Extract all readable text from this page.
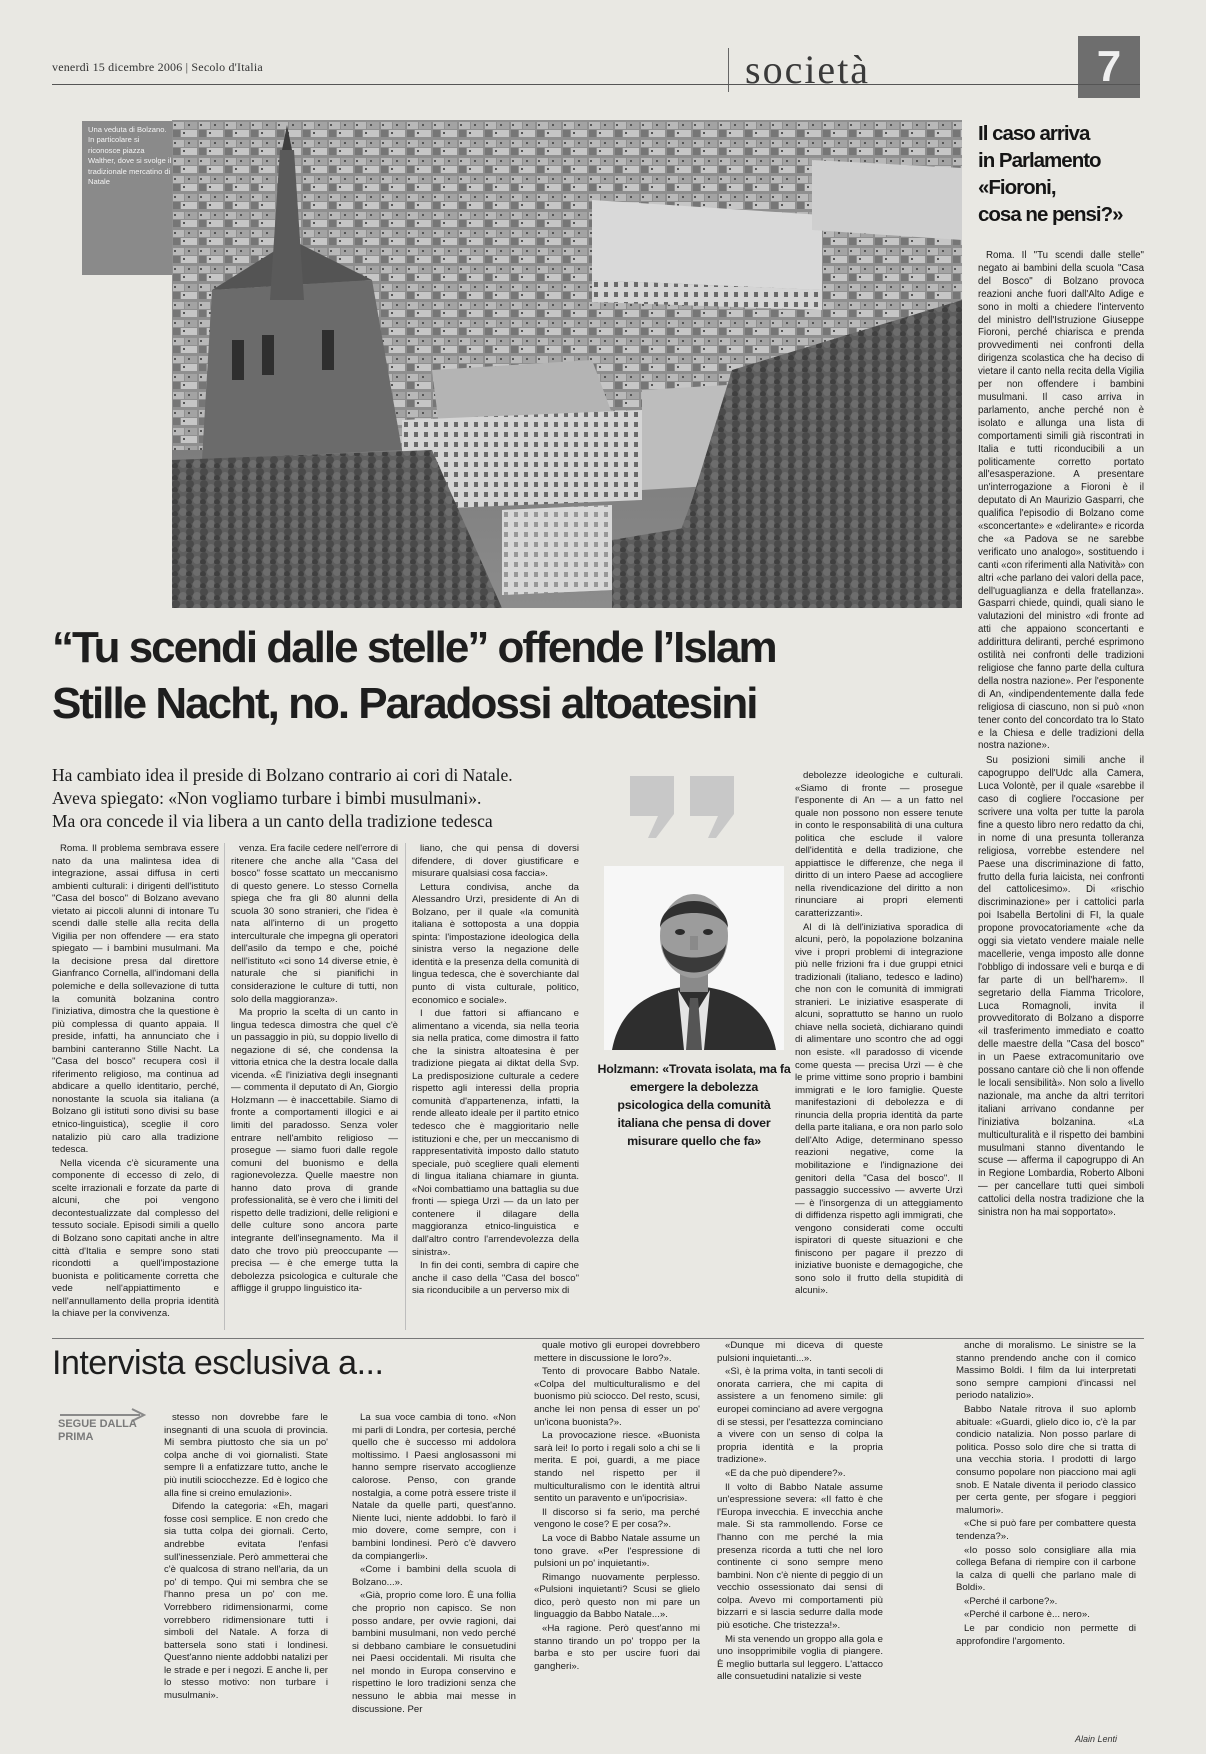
venerdì 15 dicembre 2006 | Secolo d'Italia	società	7
Una veduta di Bolzano. In particolare si riconosce piazza Walther, dove si svolge il tradizionale mercatino di Natale
Il caso arriva
in Parlamento
«Fioroni,
cosa ne pensi?»

Roma. Il "Tu scendi dalle stelle" negato ai bambini della scuola "Casa del Bosco" di Bolzano provoca reazioni anche fuori dall'Alto Adige e sono in molti a chiedere l'intervento del ministro dell'Istruzione Giuseppe Fioroni, perché chiarisca e prenda provvedimenti nei confronti della dirigenza scolastica che ha deciso di vietare il canto nella recita della Vigilia per non offendere i bambini musulmani. Il caso arriva in parlamento, anche perché non è isolato e allunga una lista di comportamenti simili già riscontrati in Italia e tutti riconducibili a un politicamente corretto portato all'esasperazione. A presentare un'interrogazione a Fioroni è il deputato di An Maurizio Gasparri, che qualifica l'episodio di Bolzano come «sconcertante» e «delirante» e ricorda che «a Padova se ne sarebbe verificato uno analogo», sostituendo i canti «con riferimenti alla Natività» con altri «che parlano dei valori della pace, dell'uguaglianza e della fratellanza». Gasparri chiede, quindi, quali siano le valutazioni del ministro «di fronte ad atti che appaiono sconcertanti e addirittura deliranti, perché esprimono ostilità nei confronti delle tradizioni religiose che fanno parte della cultura della nostra nazione». Per l'esponente di An, «indipendentemente dalla fede religiosa di ciascuno, non si può «non tener conto del concordato tra lo Stato e la Chiesa e delle tradizioni della nostra nazione».

Su posizioni simili anche il capogruppo dell'Udc alla Camera, Luca Volontè, per il quale «sarebbe il caso di cogliere l'occasione per scrivere una volta per tutte la parola fine a questo libro nero redatto da chi, in nome di una presunta tolleranza religiosa, vorrebbe estendere nel Paese una discriminazione di fatto, frutto della furia laicista, nei confronti del cattolicesimo». Di «rischio discriminazione» per i cattolici parla poi Isabella Bertolini di FI, la quale propone provocatoriamente «che da oggi sia vietato vendere maiale nelle macellerie, venga imposto alle donne l'obbligo di indossare veli e burqa e di far parte di un bell'harem». Il segretario della Fiamma Tricolore, Luca Romagnoli, invita il provveditorato di Bolzano a disporre «il trasferimento immediato e coatto delle maestre della "Casa del bosco" in un Paese extracomunitario ove possano cantare ciò che li non offende le locali sensibilità». Non solo a livello nazionale, ma anche da altri territori italiani arrivano condanne per l'iniziativa bolzanina. «La multiculturalità e il rispetto dei bambini musulmani stanno diventando le scuse — afferma il capogruppo di An in Regione Lombardia, Roberto Alboni — per cancellare tutti quei simboli cattolici della nostra tradizione che la sinistra non ha mai sopportato».

“Tu scendi dalle stelle” offende l’Islam
Stille Nacht, no. Paradossi altoatesini
Ha cambiato idea il preside di Bolzano contrario ai cori di Natale.
Aveva spiegato: «Non vogliamo turbare i bimbi musulmani».
Ma ora concede il via libera a un canto della tradizione tedesca

Roma. Il problema sembrava essere nato da una malintesa idea di integrazione, assai diffusa in certi ambienti culturali: i dirigenti dell'istituto "Casa del bosco" di Bolzano avevano vietato ai piccoli alunni di intonare Tu scendi dalle stelle alla recita della Vigilia per non offendere — era stato spiegato — i bambini musulmani. Ma la decisione presa dal direttore Gianfranco Cornella, all'indomani della polemiche e della sollevazione di tutta la comunità bolzanina contro l'iniziativa, dimostra che la questione è più complessa di quanto appaia. Il preside, infatti, ha annunciato che i bambini canteranno Stille Nacht. La "Casa del bosco" recupera così il riferimento religioso, ma continua ad abdicare a quello identitario, perché, nonostante la scuola sia italiana (a Bolzano gli istituti sono divisi su base etnico-linguistica), sceglie il coro natalizio più caro alla tradizione tedesca.

Nella vicenda c'è sicuramente una componente di eccesso di zelo, di scelte irrazionali e forzate da parte di alcuni, che poi vengono decontestualizzate dal complesso del tessuto sociale. Episodi simili a quello di Bolzano sono capitati anche in altre città d'Italia e sempre sono stati ricondotti a quell'impostazione buonista e politicamente corretta che vede nell'appiattimento e nell'annullamento della propria identità la chiave per la convivenza.

venza. Era facile cedere nell'errore di ritenere che anche alla "Casa del bosco" fosse scattato un meccanismo di questo genere. Lo stesso Cornella spiega che fra gli 80 alunni della scuola 30 sono stranieri, che l'idea è nata all'interno di un progetto interculturale che impegna gli operatori dell'asilo da tempo e che, poiché nell'istituto «ci sono 14 diverse etnie, è naturale che si pianifichi in considerazione le culture di tutti, non solo della maggioranza».

Ma proprio la scelta di un canto in lingua tedesca dimostra che quel c'è un passaggio in più, su doppio livello di negazione di sé, che condensa la vittoria etnica che la destra locale dalla vicenda. «È l'iniziativa degli insegnanti — commenta il deputato di An, Giorgio Holzmann — è inaccettabile. Siamo di fronte a comportamenti illogici e ai limiti del paradosso. Senza voler entrare nell'ambito religioso — prosegue — siamo fuori dalle regole comuni del buonismo e della ragionevolezza. Quelle maestre non hanno dato prova di grande professionalità, se è vero che i limiti del rispetto delle tradizioni, delle religioni e delle culture sono ancora parte integrante dell'insegnamento. Ma il dato che trovo più preoccupante — precisa — è che emerge tutta la debolezza psicologica e culturale che affligge il gruppo linguistico ita-

liano, che qui pensa di doversi difendere, di dover giustificare e misurare qualsiasi cosa faccia».

Lettura condivisa, anche da Alessandro Urzì, presidente di An di Bolzano, per il quale «la comunità italiana è sottoposta a una doppia spinta: l'impostazione ideologica della sinistra verso la negazione delle identità e la presenza della comunità di lingua tedesca, che è soverchiante dal punto di vista culturale, politico, economico e sociale».

I due fattori si affiancano e alimentano a vicenda, sia nella teoria sia nella pratica, come dimostra il fatto che la sinistra altoatesina è per tradizione piegata ai diktat della Svp. La predisposizione culturale a cedere rispetto agli interessi della propria comunità d'appartenenza, infatti, la rende alleato ideale per il partito etnico tedesco che è maggioritario nelle istituzioni e che, per un meccanismo di rappresentatività imposto dallo statuto speciale, può scegliere quali elementi di lingua italiana chiamare in giunta. «Noi combattiamo una battaglia su due fronti — spiega Urzì — da un lato per contenere il dilagare della maggioranza etnico-linguistica e dall'altro contro l'arrendevolezza della sinistra».

In fin dei conti, sembra di capire che anche il caso della "Casa del bosco" sia riconducibile a un perverso mix di

debolezze ideologiche e culturali. «Siamo di fronte — prosegue l'esponente di An — a un fatto nel quale non possono non essere tenute in conto le responsabilità di una cultura politica che esclude il valore dell'identità e della tradizione, che appiattisce le differenze, che nega il diritto di un intero Paese ad accogliere nella rivendicazione del diritto a non rinunciare ai propri elementi caratterizzanti».

Al di là dell'iniziativa sporadica di alcuni, però, la popolazione bolzanina vive i propri problemi di integrazione più nelle frizioni fra i due gruppi etnici tradizionali (italiano, tedesco e ladino) che non con le comunità di immigrati stranieri. Le iniziative esasperate di alcuni, soprattutto se hanno un ruolo chiave nella società, dichiarano quindi di alimentare uno scontro che ad oggi non esiste. «Il paradosso di vicende come questa — precisa Urzì — è che le prime vittime sono proprio i bambini immigrati e le loro famiglie. Queste manifestazioni di debolezza e di rinuncia della propria identità da parte della parte italiana, e ora non parlo solo dell'Alto Adige, determinano spesso reazioni negative, come la mobilitazione e l'indignazione dei genitori della "Casa del bosco". Il passaggio successivo — avverte Urzì — è l'insorgenza di un atteggiamento di diffidenza rispetto agli immigrati, che vengono considerati come occulti ispiratori di queste situazioni e che finiscono per pagare il prezzo di iniziative buoniste e demagogiche, che sono solo il frutto della stupidità di alcuni».

Holzmann: «Trovata isolata, ma fa emergere la debolezza psicologica della comunità italiana che pensa di dover misurare quello che fa»
Intervista esclusiva a...
SEGUE DALLA PRIMA

stesso non dovrebbe fare le insegnanti di una scuola di provincia. Mi sembra piuttosto che sia un po' colpa anche di voi giornalisti. State sempre lì a enfatizzare tutto, anche le più inutili sciocchezze. Ed è logico che alla fine si creino emulazioni».

Difendo la categoria: «Eh, magari fosse così semplice. E non credo che sia tutta colpa dei giornali. Certo, andrebbe evitata l'enfasi sull'inessenziale. Però ammetterai che c'è qualcosa di strano nell'aria, da un po' di tempo. Qui mi sembra che se l'hanno presa un po' con me. Vorrebbero ridimensionarmi, come vorrebbero ridimensionare tutti i simboli del Natale. A forza di battersela sono stati i londinesi. Quest'anno niente addobbi natalizi per le strade e per i negozi. E anche li, per lo stesso motivo: non turbare i musulmani».

La sua voce cambia di tono. «Non mi parli di Londra, per cortesia, perché quello che è successo mi addolora moltissimo. I Paesi anglosassoni mi hanno sempre riservato accoglienze calorose. Penso, con grande nostalgia, a come potrà essere triste il Natale da quelle parti, quest'anno. Niente luci, niente addobbi. Io farò il mio dovere, come sempre, con i bambini londinesi. Però c'è davvero da compiangerli».

«Come i bambini della scuola di Bolzano...».

«Già, proprio come loro. È una follia che proprio non capisco. Se non posso andare, per ovvie ragioni, dai bambini musulmani, non vedo perché si debbano cambiare le consuetudini nei Paesi occidentali. Mi risulta che nel mondo in Europa conservino e rispettino le loro tradizioni senza che nessuno le abbia mai messe in discussione. Per

quale motivo gli europei dovrebbero mettere in discussione le loro?».

Tento di provocare Babbo Natale. «Colpa del multiculturalismo e del buonismo più sciocco. Del resto, scusi, anche lei non pensa di esser un po' un'icona buonista?».

La provocazione riesce. «Buonista sarà lei! Io porto i regali solo a chi se li merita. E poi, guardi, a me piace stando nel rispetto per il multiculturalismo con le identità altrui sentito un paravento e un'ipocrisia».

Il discorso si fa serio, ma perché vengono le cose? E per cosa?».

La voce di Babbo Natale assume un tono grave. «Per l'espressione di pulsioni un po' inquietanti».

Rimango nuovamente perplesso. «Pulsioni inquietanti? Scusi se glielo dico, però questo non mi pare un linguaggio da Babbo Natale...».

«Ha ragione. Però quest'anno mi stanno tirando un po' troppo per la barba e sto per uscire fuori dai gangheri».

«Dunque mi diceva di queste pulsioni inquietanti...».

«Sì, è la prima volta, in tanti secoli di onorata carriera, che mi capita di assistere a un fenomeno simile: gli europei cominciano ad avere vergogna di se stessi, per l'esattezza cominciano a vivere con un senso di colpa la propria identità e la propria tradizione».

«E da che può dipendere?».

Il volto di Babbo Natale assume un'espressione severa: «Il fatto è che l'Europa invecchia. E invecchia anche male. Si sta rammollendo. Forse ce l'hanno con me perché la mia presenza ricorda a tutti che nel loro continente ci sono sempre meno bambini. Non c'è niente di peggio di un vecchio ossessionato dai sensi di colpa. Avevo mi comportamenti più bizzarri e si lascia sedurre dalla mode più esotiche. Che tristezza!».

Mi sta venendo un groppo alla gola e uno insopprimibile voglia di piangere. È meglio buttarla sul leggero. L'attacco alle consuetudini natalizie si veste

anche di moralismo. Le sinistre se la stanno prendendo anche con il comico Massimo Boldi. I film da lui interpretati sono sempre campioni d'incassi nel periodo natalizio».

Babbo Natale ritrova il suo aplomb abituale: «Guardi, glielo dico io, c'è la par condicio natalizia. Non posso parlare di politica. Posso solo dire che si tratta di una vecchia storia. I prodotti di largo consumo popolare non piacciono mai agli snob. E Natale diventa il periodo classico per certa gente, per sfogare i peggiori malumori».

«Che si può fare per combattere questa tendenza?».

«Io posso solo consigliare alla mia collega Befana di riempire con il carbone la calza di quelli che parlano male di Boldi».

«Perché il carbone?».

«Perché il carbone è... nero».

Le par condicio non permette di approfondire l'argomento.

Alain Lenti
